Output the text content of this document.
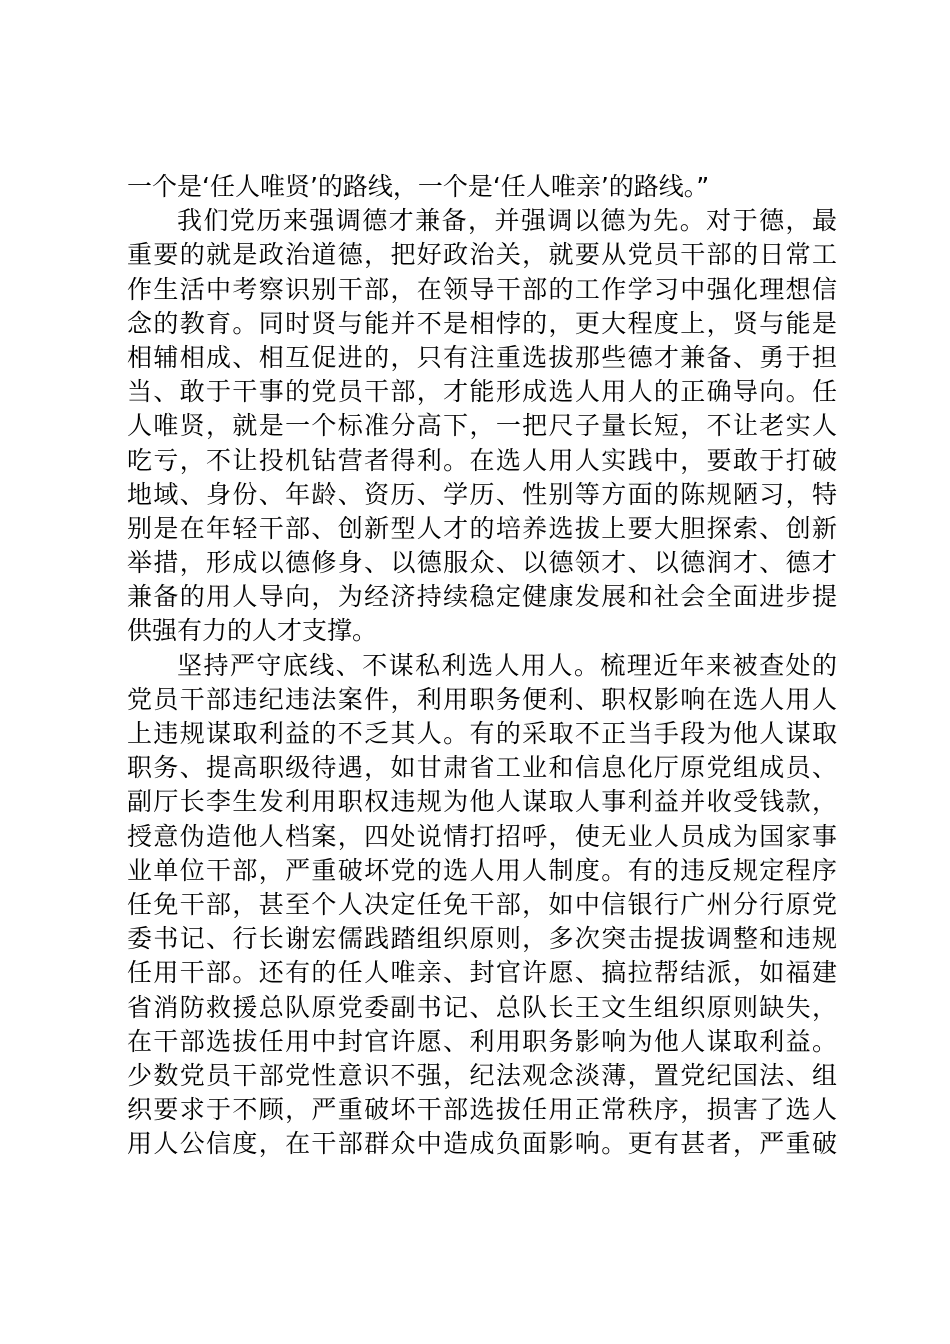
一个是‘任人唯贤’的路线，一个是‘任人唯亲’的路线。”
我们党历来强调德才兼备，并强调以德为先。对于德，最
重要的就是政治道德，把好政治关，就要从党员干部的日常工
作生活中考察识别干部，在领导干部的工作学习中强化理想信
念的教育。同时贤与能并不是相悖的，更大程度上，贤与能是
相辅相成、相互促进的，只有注重选拔那些德才兼备、勇于担
当、敢于干事的党员干部，才能形成选人用人的正确导向。任
人唯贤，就是一个标准分高下，一把尺子量长短，不让老实人
吃亏，不让投机钻营者得利。在选人用人实践中，要敢于打破
地域、身份、年龄、资历、学历、性别等方面的陈规陋习，特
别是在年轻干部、创新型人才的培养选拔上要大胆探索、创新
举措，形成以德修身、以德服众、以德领才、以德润才、德才
兼备的用人导向，为经济持续稳定健康发展和社会全面进步提
供强有力的人才支撑。
坚持严守底线、不谋私利选人用人。梳理近年来被查处的
党员干部违纪违法案件，利用职务便利、职权影响在选人用人
上违规谋取利益的不乏其人。有的采取不正当手段为他人谋取
职务、提高职级待遇，如甘肃省工业和信息化厅原党组成员、
副厅长李生发利用职权违规为他人谋取人事利益并收受钱款，
授意伪造他人档案，四处说情打招呼，使无业人员成为国家事
业单位干部，严重破坏党的选人用人制度。有的违反规定程序
任免干部，甚至个人决定任免干部，如中信银行广州分行原党
委书记、行长谢宏儒践踏组织原则，多次突击提拔调整和违规
任用干部。还有的任人唯亲、封官许愿、搞拉帮结派，如福建
省消防救援总队原党委副书记、总队长王文生组织原则缺失，
在干部选拔任用中封官许愿、利用职务影响为他人谋取利益。
少数党员干部党性意识不强，纪法观念淡薄，置党纪国法、组
织要求于不顾，严重破坏干部选拔任用正常秩序，损害了选人
用人公信度，在干部群众中造成负面影响。更有甚者，严重破
